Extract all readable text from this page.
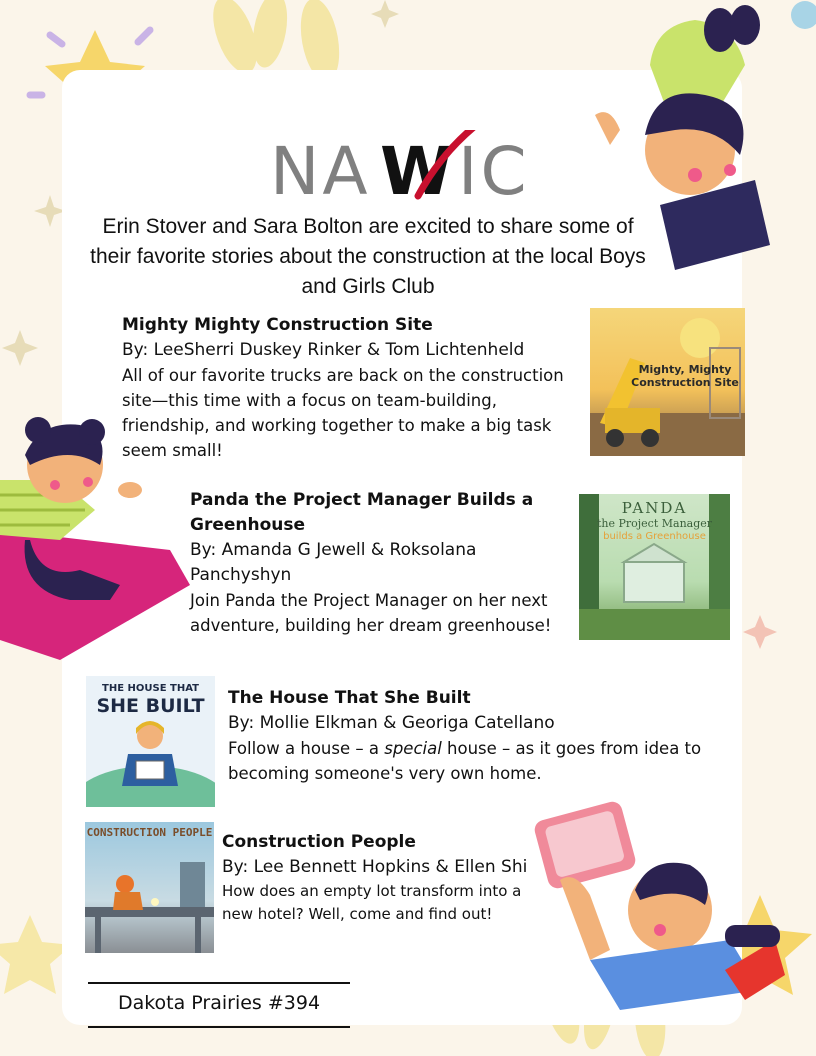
NA W IC
Erin Stover and Sara Bolton are excited to share some of their favorite stories about the construction at the local Boys and Girls Club
Mighty Mighty Construction Site
By: LeeSherri Duskey Rinker & Tom Lichtenheld
All of our favorite trucks are back on the construction site—this time with a focus on team-building, friendship, and working together to make a big task seem small!
Mighty, Mighty Construction Site
Panda the Project Manager Builds a Greenhouse
By: Amanda G Jewell & Roksolana Panchyshyn
Join Panda the Project Manager on her next adventure, building her dream greenhouse!
PANDA
the Project Manager
builds a Greenhouse
THE HOUSE THAT
SHE BUILT	The House That She Built
By: Mollie Elkman & Georiga Catellano
Follow a house – a special house – as it goes from idea to becoming someone's very own home.
CONSTRUCTION PEOPLE Construction People
By: Lee Bennett Hopkins & Ellen Shi
How does an empty lot transform into a new hotel? Well, come and find out!
Dakota Prairies #394
